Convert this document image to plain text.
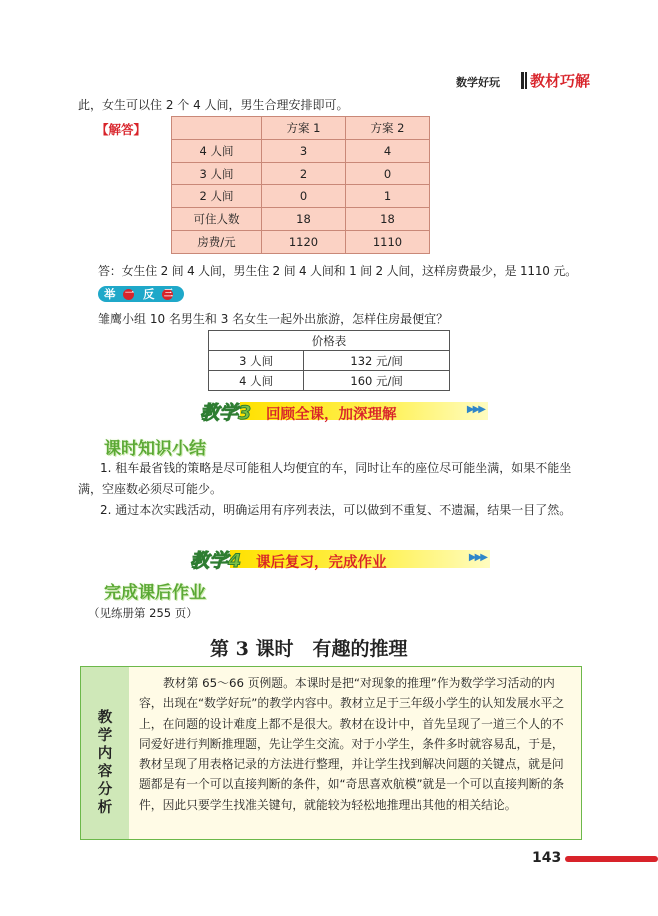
数学好玩 教材巧解
此，女生可以住 2 个 4 人间，男生合理安排即可。
【解答】
		方案 1	方案 2
4 人间	3	4
3 人间	2	0
2 人间	0	1
可住人数	18	18
房费/元	1120	1110
答：女生住 2 间 4 人间，男生住 2 间 4 人间和 1 间 2 人间，这样房费最少，是 1110 元。
举 一 反 三
雏鹰小组 10 名男生和 3 名女生一起外出旅游，怎样住房最便宜？
价格表	
3 人间	132 元/间
4 人间	160 元/间
教学3 回顾全课，加深理解	▶▶▶
课时知识小结
1. 租车最省钱的策略是尽可能租人均便宜的车，同时让车的座位尽可能坐满，如果不能坐满，空座数必须尽可能少。
2. 通过本次实践活动，明确运用有序列表法，可以做到不重复、不遗漏，结果一目了然。
教学4 课后复习，完成作业	▶▶▶
完成课后作业
（见练册第 255 页）
第 3 课时　有趣的推理
教学内容分析
教材第 65～66 页例题。本课时是把“对现象的推理”作为数学学习活动的内容，出现在“数学好玩”的教学内容中。教材立足于三年级小学生的认知发展水平之上，在问题的设计难度上都不是很大。教材在设计中，首先呈现了一道三个人的不同爱好进行判断推理题，先让学生交流。对于小学生，条件多时就容易乱，于是，教材呈现了用表格记录的方法进行整理，并让学生找到解决问题的关键点，就是问题都是有一个可以直接判断的条件，如“奇思喜欢航模”就是一个可以直接判断的条件，因此只要学生找准关键句，就能较为轻松地推理出其他的相关结论。
143
